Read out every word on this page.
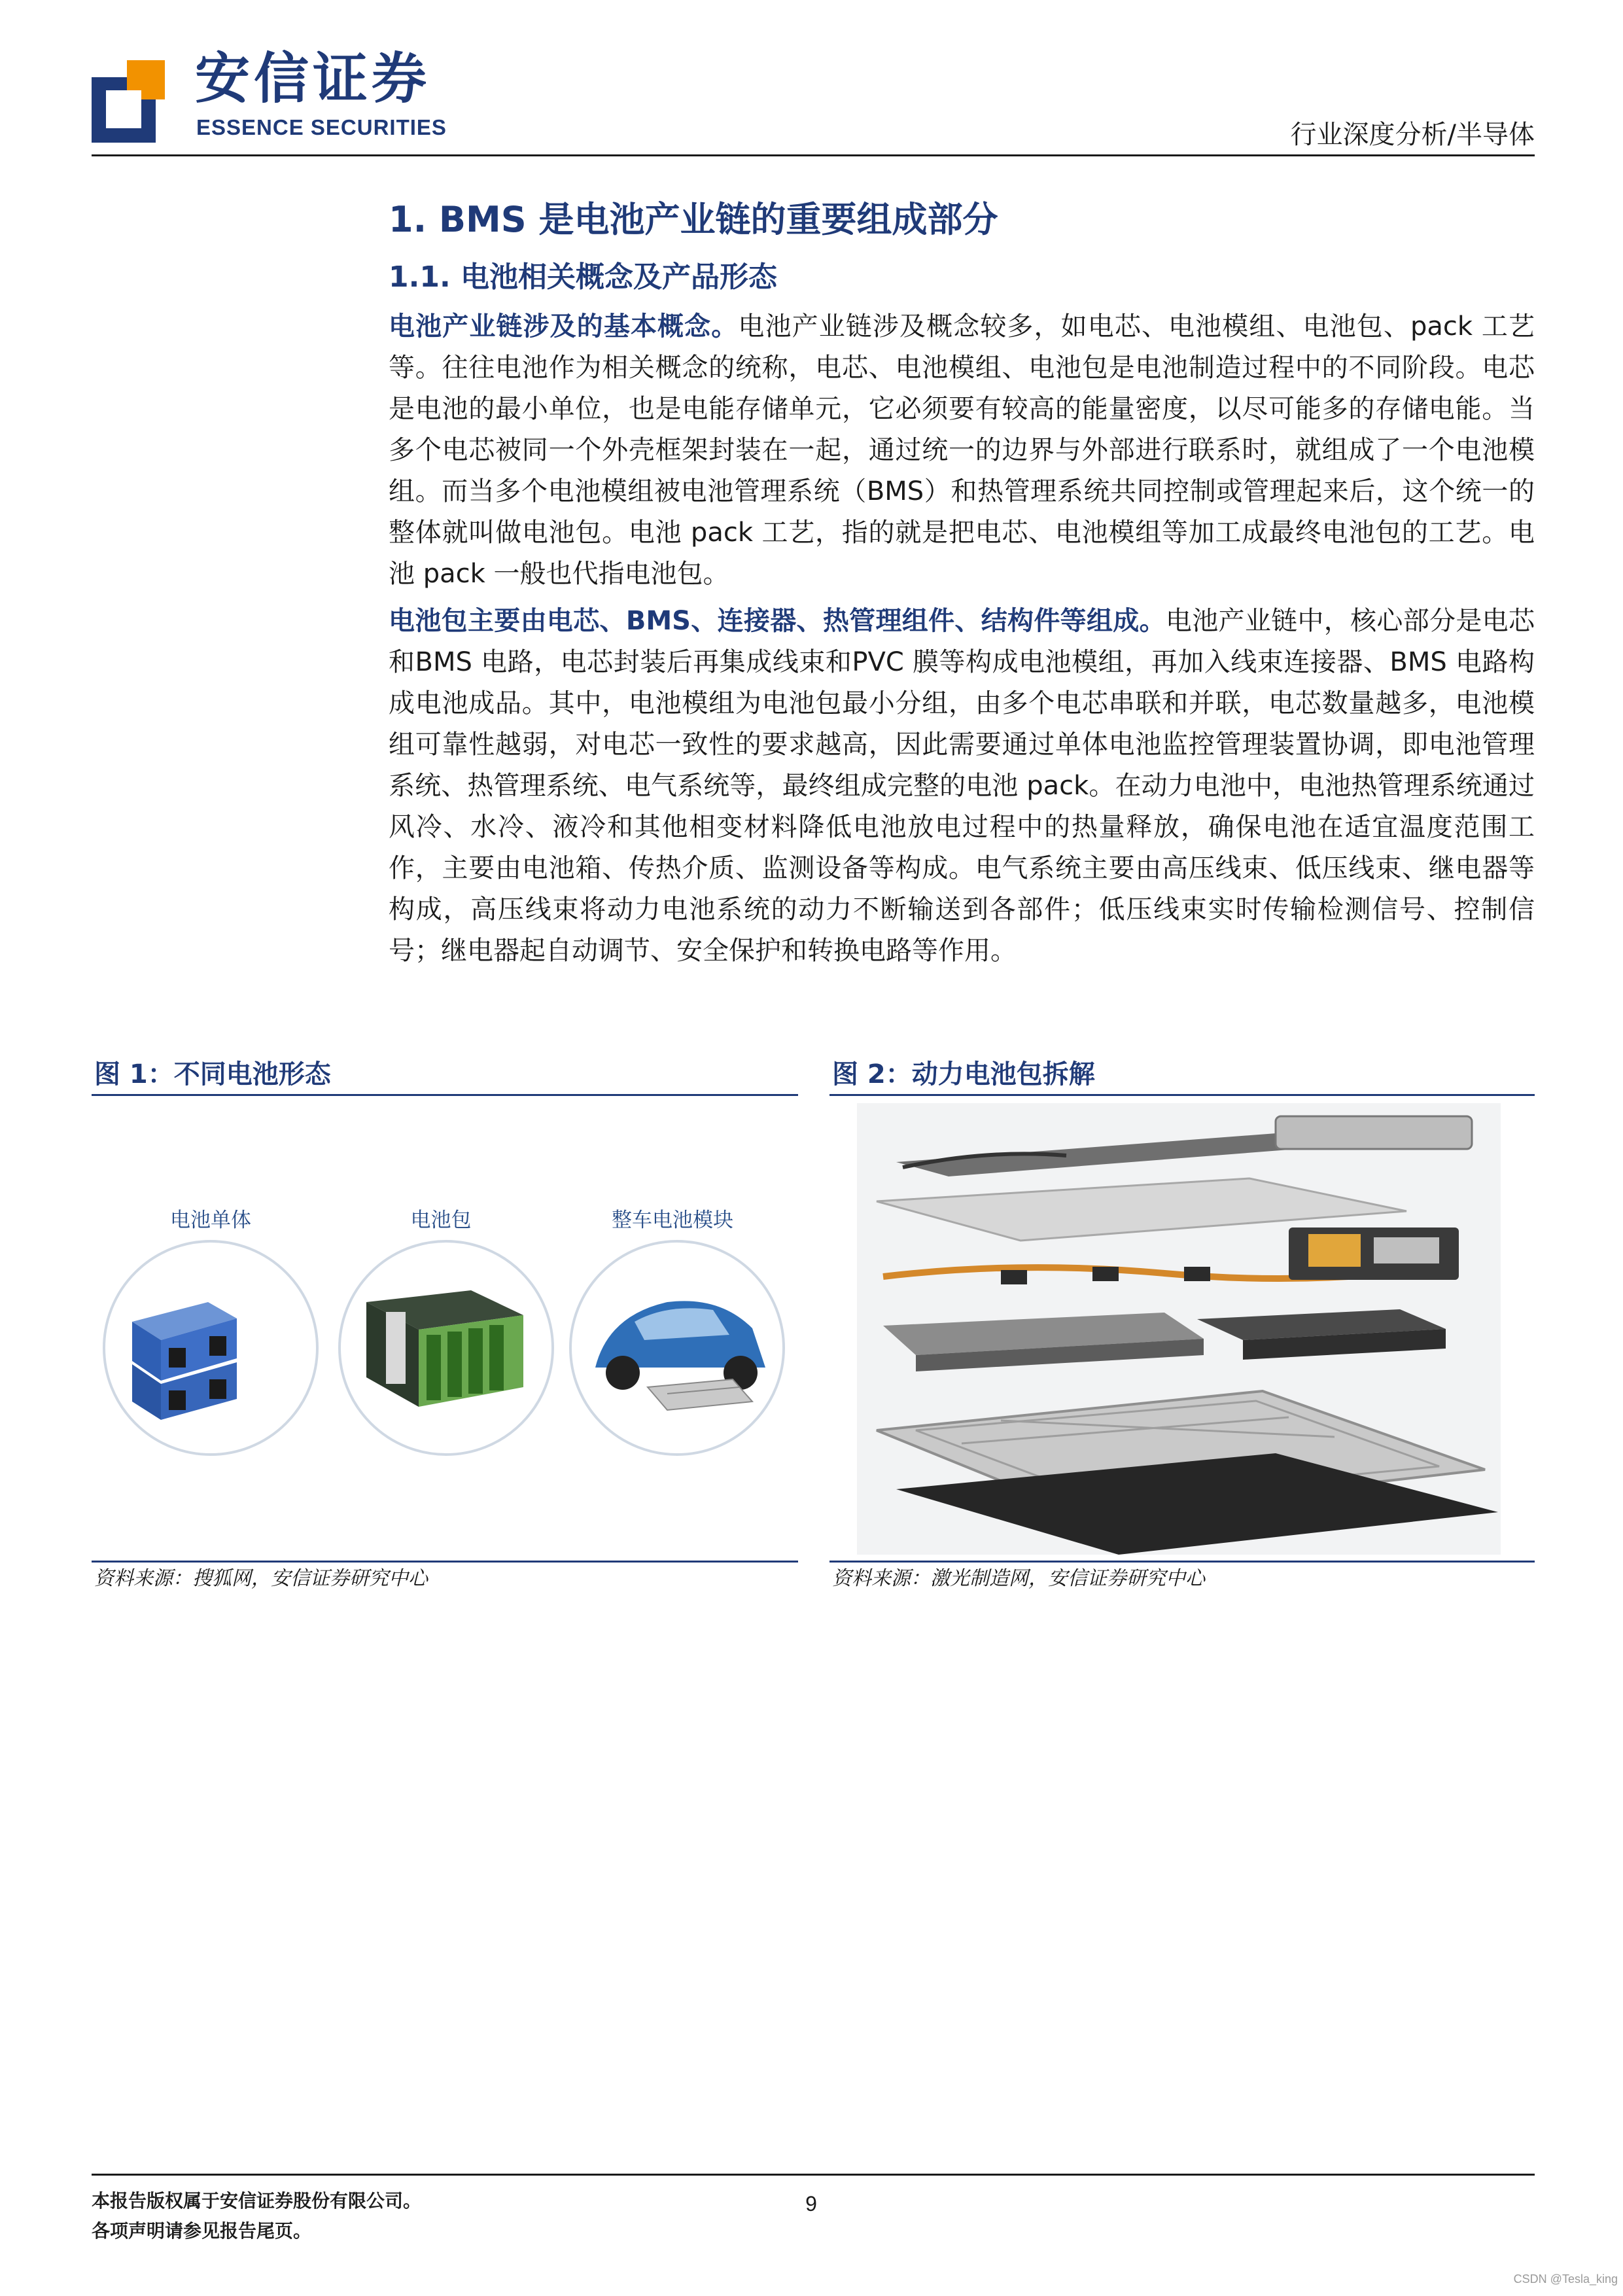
安信证券
ESSENCE SECURITIES	行业深度分析/半导体
1. BMS 是电池产业链的重要组成部分
1.1. 电池相关概念及产品形态
电池产业链涉及的基本概念。电池产业链涉及概念较多，如电芯、电池模组、电池包、pack 工艺等。往往电池作为相关概念的统称，电芯、电池模组、电池包是电池制造过程中的不同阶段。电芯是电池的最小单位，也是电能存储单元，它必须要有较高的能量密度，以尽可能多的存储电能。当多个电芯被同一个外壳框架封装在一起，通过统一的边界与外部进行联系时，就组成了一个电池模组。而当多个电池模组被电池管理系统（BMS）和热管理系统共同控制或管理起来后，这个统一的整体就叫做电池包。电池 pack 工艺，指的就是把电芯、电池模组等加工成最终电池包的工艺。电池 pack 一般也代指电池包。
电池包主要由电芯、BMS、连接器、热管理组件、结构件等组成。电池产业链中，核心部分是电芯和BMS 电路，电芯封装后再集成线束和PVC 膜等构成电池模组，再加入线束连接器、BMS 电路构成电池成品。其中，电池模组为电池包最小分组，由多个电芯串联和并联，电芯数量越多，电池模组可靠性越弱，对电芯一致性的要求越高，因此需要通过单体电池监控管理装置协调，即电池管理系统、热管理系统、电气系统等，最终组成完整的电池 pack。在动力电池中，电池热管理系统通过风冷、水冷、液冷和其他相变材料降低电池放电过程中的热量释放，确保电池在适宜温度范围工作，主要由电池箱、传热介质、监测设备等构成。电气系统主要由高压线束、低压线束、继电器等构成，高压线束将动力电池系统的动力不断输送到各部件；低压线束实时传输检测信号、控制信号；继电器起自动调节、安全保护和转换电路等作用。
图 1：不同电池形态
电池单体	电池包	整车电池模块
资料来源：搜狐网，安信证券研究中心
图 2：动力电池包拆解
资料来源：激光制造网，安信证券研究中心
本报告版权属于安信证券股份有限公司。
各项声明请参见报告尾页。
9
CSDN @Tesla_king
